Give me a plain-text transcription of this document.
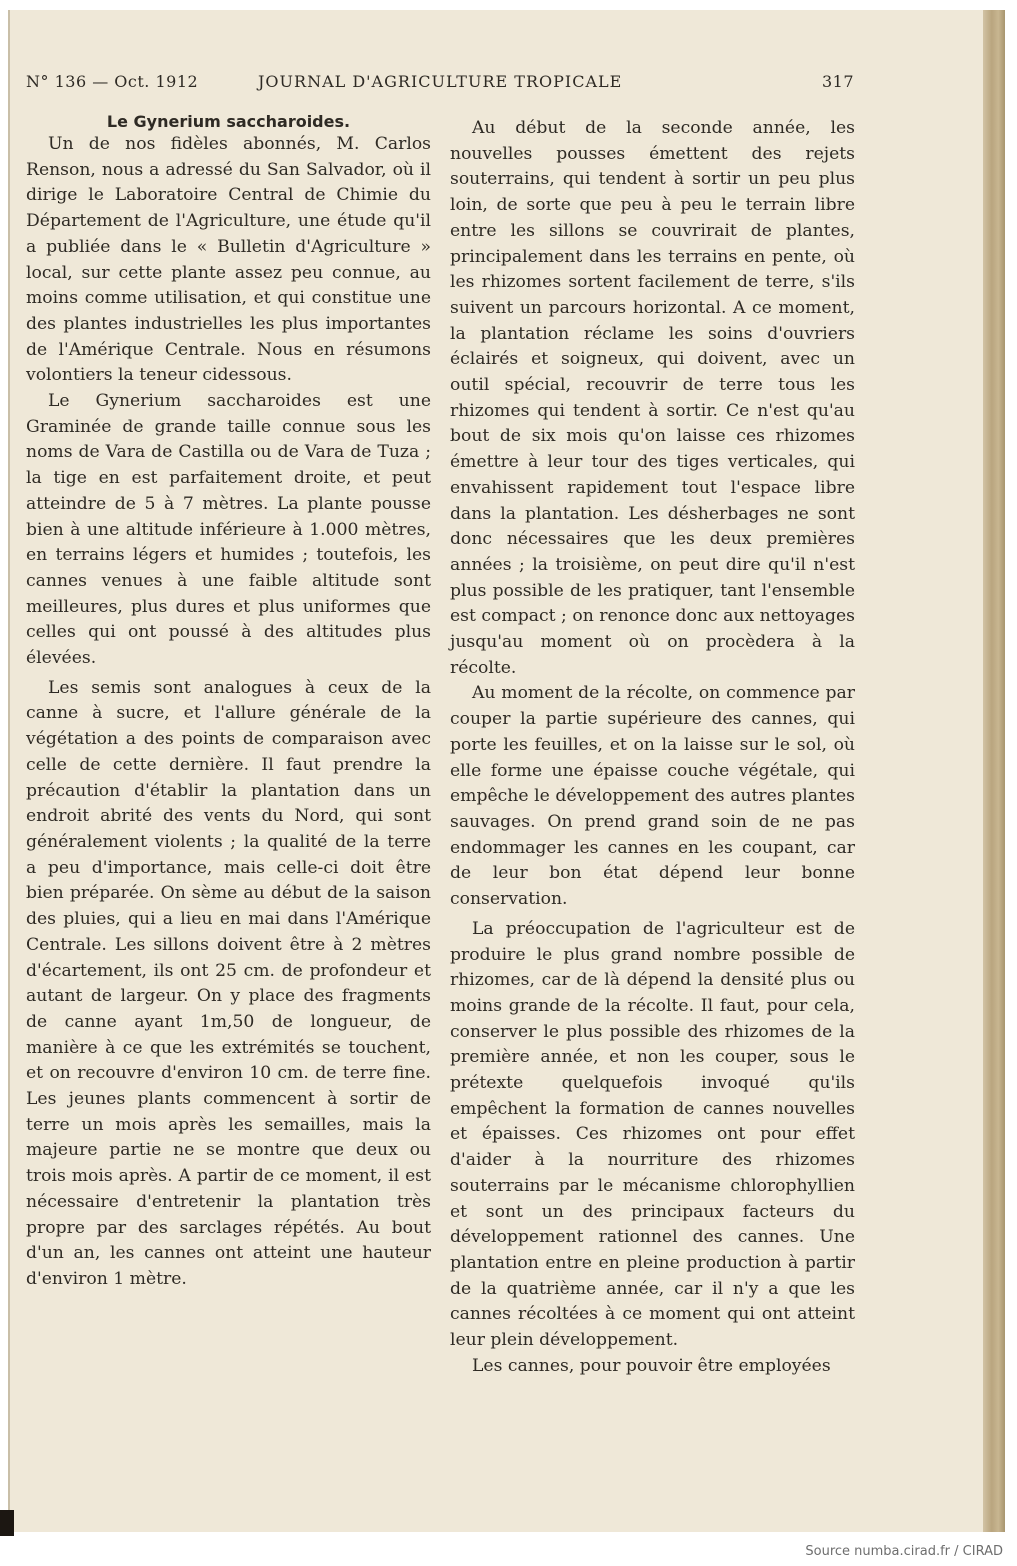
N° 136 — Oct. 1912	JOURNAL D'AGRICULTURE TROPICALE	317

Le Gynerium saccharoides.

Un de nos fidèles abonnés, M. Carlos Renson, nous a adressé du San Salvador, où il dirige le Laboratoire Central de Chimie du Département de l'Agriculture, une étude qu'il a publiée dans le « Bulletin d'Agriculture » local, sur cette plante assez peu connue, au moins comme utilisation, et qui constitue une des plantes industrielles les plus importantes de l'Amérique Centrale. Nous en résumons volontiers la teneur cidessous.

Le Gynerium saccharoides est une Graminée de grande taille connue sous les noms de Vara de Castilla ou de Vara de Tuza ; la tige en est parfaitement droite, et peut atteindre de 5 à 7 mètres. La plante pousse bien à une altitude inférieure à 1.000 mètres, en terrains légers et humides ; toutefois, les cannes venues à une faible altitude sont meilleures, plus dures et plus uniformes que celles qui ont poussé à des altitudes plus élevées.

Les semis sont analogues à ceux de la canne à sucre, et l'allure générale de la végétation a des points de comparaison avec celle de cette dernière. Il faut prendre la précaution d'établir la plantation dans un endroit abrité des vents du Nord, qui sont généralement violents ; la qualité de la terre a peu d'importance, mais celle-ci doit être bien préparée. On sème au début de la saison des pluies, qui a lieu en mai dans l'Amérique Centrale. Les sillons doivent être à 2 mètres d'écartement, ils ont 25 cm. de profondeur et autant de largeur. On y place des fragments de canne ayant 1m,50 de longueur, de manière à ce que les extrémités se touchent, et on recouvre d'environ 10 cm. de terre fine. Les jeunes plants commencent à sortir de terre un mois après les semailles, mais la majeure partie ne se montre que deux ou trois mois après. A partir de ce moment, il est nécessaire d'entretenir la plantation très propre par des sarclages répétés. Au bout d'un an, les cannes ont atteint une hauteur d'environ 1 mètre.

Au début de la seconde année, les nouvelles pousses émettent des rejets souterrains, qui tendent à sortir un peu plus loin, de sorte que peu à peu le terrain libre entre les sillons se couvrirait de plantes, principalement dans les terrains en pente, où les rhizomes sortent facilement de terre, s'ils suivent un parcours horizontal. A ce moment, la plantation réclame les soins d'ouvriers éclairés et soigneux, qui doivent, avec un outil spécial, recouvrir de terre tous les rhizomes qui tendent à sortir. Ce n'est qu'au bout de six mois qu'on laisse ces rhizomes émettre à leur tour des tiges verticales, qui envahissent rapidement tout l'espace libre dans la plantation. Les désherbages ne sont donc nécessaires que les deux premières années ; la troisième, on peut dire qu'il n'est plus possible de les pratiquer, tant l'ensemble est compact ; on renonce donc aux nettoyages jusqu'au moment où on procèdera à la récolte.

Au moment de la récolte, on commence par couper la partie supérieure des cannes, qui porte les feuilles, et on la laisse sur le sol, où elle forme une épaisse couche végétale, qui empêche le développement des autres plantes sauvages. On prend grand soin de ne pas endommager les cannes en les coupant, car de leur bon état dépend leur bonne conservation.

La préoccupation de l'agriculteur est de produire le plus grand nombre possible de rhizomes, car de là dépend la densité plus ou moins grande de la récolte. Il faut, pour cela, conserver le plus possible des rhizomes de la première année, et non les couper, sous le prétexte quelquefois invoqué qu'ils empêchent la formation de cannes nouvelles et épaisses. Ces rhizomes ont pour effet d'aider à la nourriture des rhizomes souterrains par le mécanisme chlorophyllien et sont un des principaux facteurs du développement rationnel des cannes. Une plantation entre en pleine production à partir de la quatrième année, car il n'y a que les cannes récoltées à ce moment qui ont atteint leur plein développement.

Les cannes, pour pouvoir être employées

Source numba.cirad.fr / CIRAD
